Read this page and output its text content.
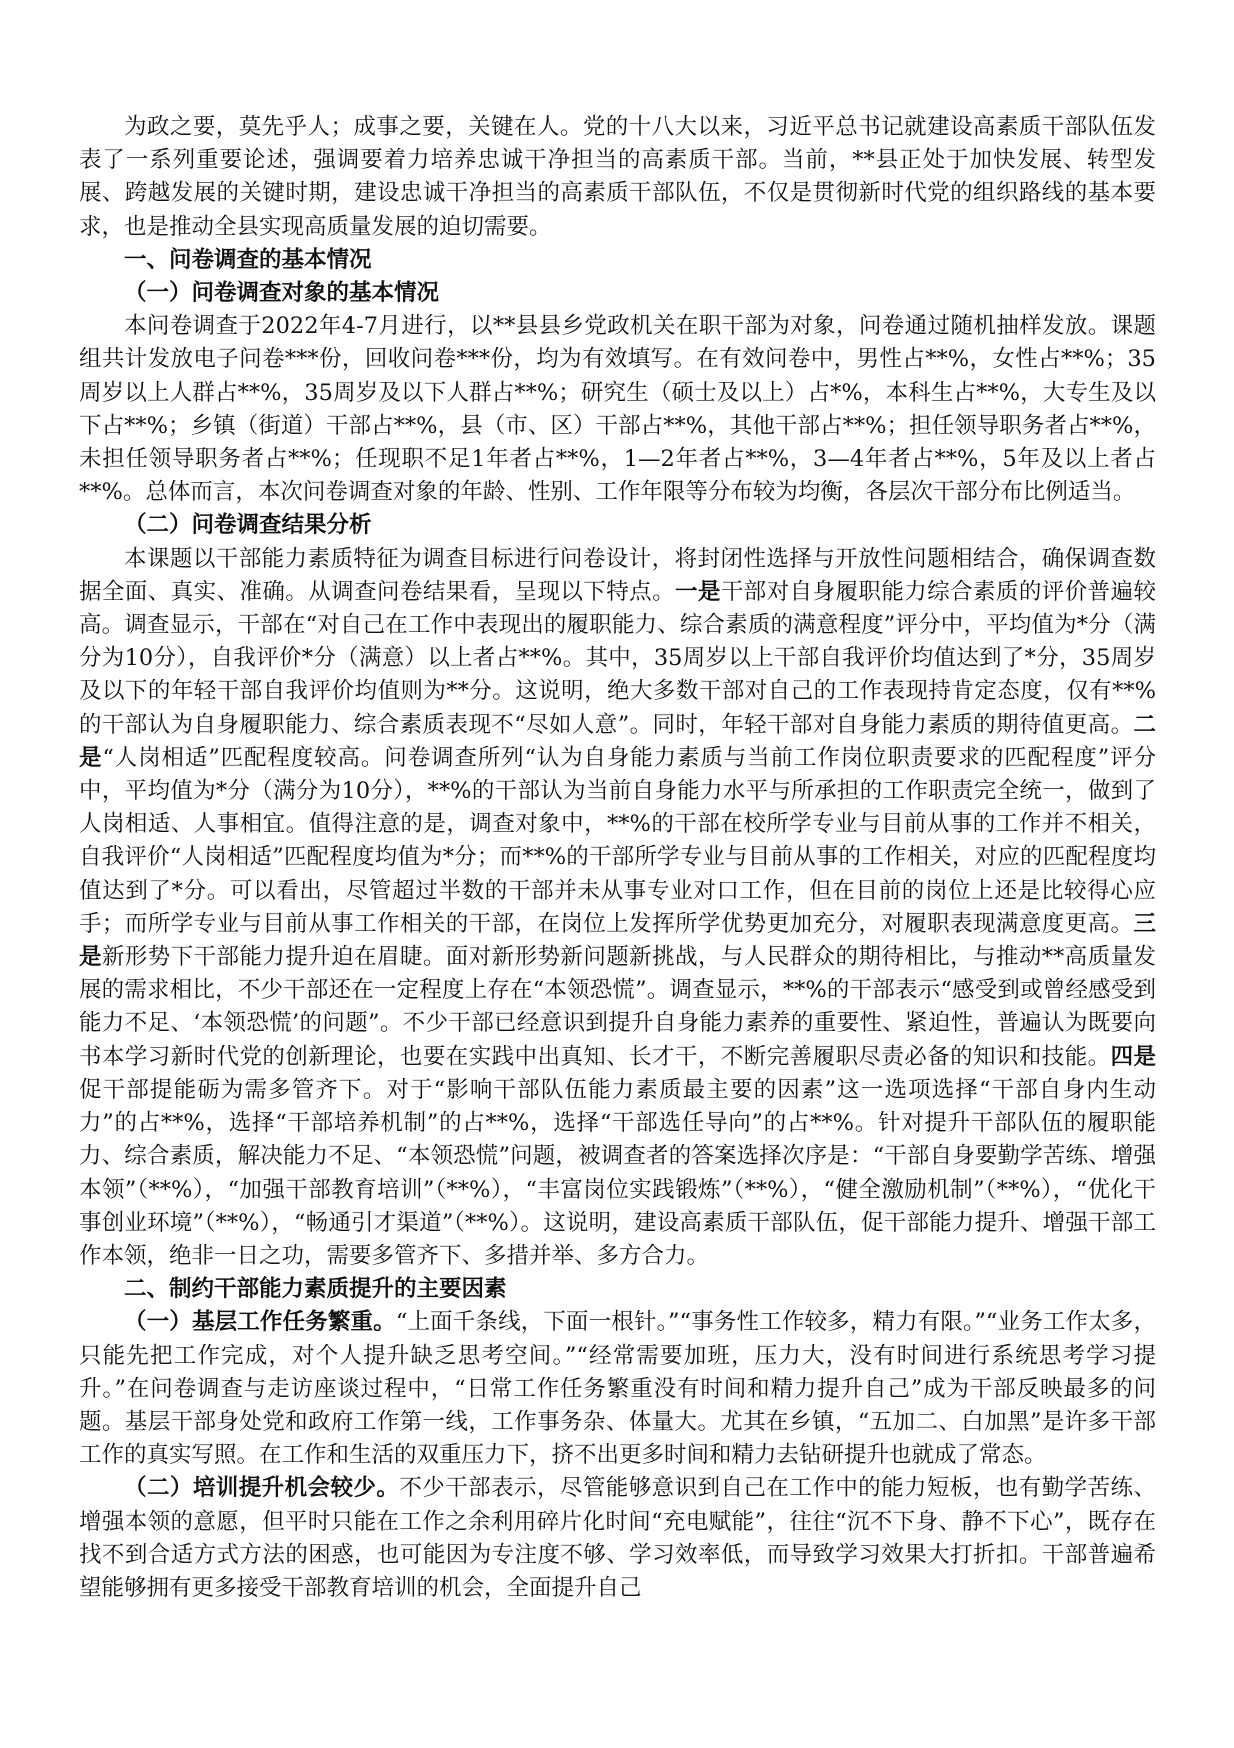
为政之要，莫先乎人；成事之要，关键在人。党的十八大以来，习近平总书记就建设高素质干部队伍发表了一系列重要论述，强调要着力培养忠诚干净担当的高素质干部。当前，**县正处于加快发展、转型发展、跨越发展的关键时期，建设忠诚干净担当的高素质干部队伍，不仅是贯彻新时代党的组织路线的基本要求，也是推动全县实现高质量发展的迫切需要。

一、问卷调查的基本情况

（一）问卷调查对象的基本情况

本问卷调查于2022年4-7月进行，以**县县乡党政机关在职干部为对象，问卷通过随机抽样发放。课题组共计发放电子问卷***份，回收问卷***份，均为有效填写。在有效问卷中，男性占**%，女性占**%；35周岁以上人群占**%，35周岁及以下人群占**%；研究生（硕士及以上）占*%，本科生占**%，大专生及以下占**%；乡镇（街道）干部占**%，县（市、区）干部占**%，其他干部占**%；担任领导职务者占**%，未担任领导职务者占**%；任现职不足1年者占**%，1—2年者占**%，3—4年者占**%，5年及以上者占**%。总体而言，本次问卷调查对象的年龄、性别、工作年限等分布较为均衡，各层次干部分布比例适当。

（二）问卷调查结果分析

本课题以干部能力素质特征为调查目标进行问卷设计，将封闭性选择与开放性问题相结合，确保调查数据全面、真实、准确。从调查问卷结果看，呈现以下特点。一是干部对自身履职能力综合素质的评价普遍较高。调查显示，干部在“对自己在工作中表现出的履职能力、综合素质的满意程度”评分中，平均值为*分（满分为10分），自我评价*分（满意）以上者占**%。其中，35周岁以上干部自我评价均值达到了*分，35周岁及以下的年轻干部自我评价均值则为**分。这说明，绝大多数干部对自己的工作表现持肯定态度，仅有**%的干部认为自身履职能力、综合素质表现不“尽如人意”。同时，年轻干部对自身能力素质的期待值更高。二是“人岗相适”匹配程度较高。问卷调查所列“认为自身能力素质与当前工作岗位职责要求的匹配程度”评分中，平均值为*分（满分为10分），**%的干部认为当前自身能力水平与所承担的工作职责完全统一，做到了人岗相适、人事相宜。值得注意的是，调查对象中，**%的干部在校所学专业与目前从事的工作并不相关，自我评价“人岗相适”匹配程度均值为*分；而**%的干部所学专业与目前从事的工作相关，对应的匹配程度均值达到了*分。可以看出，尽管超过半数的干部并未从事专业对口工作，但在目前的岗位上还是比较得心应手；而所学专业与目前从事工作相关的干部，在岗位上发挥所学优势更加充分，对履职表现满意度更高。三是新形势下干部能力提升迫在眉睫。面对新形势新问题新挑战，与人民群众的期待相比，与推动**高质量发展的需求相比，不少干部还在一定程度上存在“本领恐慌”。调查显示，**%的干部表示“感受到或曾经感受到能力不足、‘本领恐慌’的问题”。不少干部已经意识到提升自身能力素养的重要性、紧迫性，普遍认为既要向书本学习新时代党的创新理论，也要在实践中出真知、长才干，不断完善履职尽责必备的知识和技能。四是促干部提能砺为需多管齐下。对于“影响干部队伍能力素质最主要的因素”这一选项选择“干部自身内生动力”的占**%，选择“干部培养机制”的占**%，选择“干部选任导向”的占**%。针对提升干部队伍的履职能力、综合素质，解决能力不足、“本领恐慌”问题，被调查者的答案选择次序是：“干部自身要勤学苦练、增强本领”（**%），“加强干部教育培训”（**%），“丰富岗位实践锻炼”（**%），“健全激励机制”（**%），“优化干事创业环境”（**%），“畅通引才渠道”（**%）。这说明，建设高素质干部队伍，促干部能力提升、增强干部工作本领，绝非一日之功，需要多管齐下、多措并举、多方合力。

二、制约干部能力素质提升的主要因素

（一）基层工作任务繁重。“上面千条线，下面一根针。”“事务性工作较多，精力有限。”“业务工作太多，只能先把工作完成，对个人提升缺乏思考空间。”“经常需要加班，压力大，没有时间进行系统思考学习提升。”在问卷调查与走访座谈过程中，“日常工作任务繁重没有时间和精力提升自己”成为干部反映最多的问题。基层干部身处党和政府工作第一线，工作事务杂、体量大。尤其在乡镇，“五加二、白加黑”是许多干部工作的真实写照。在工作和生活的双重压力下，挤不出更多时间和精力去钻研提升也就成了常态。

（二）培训提升机会较少。不少干部表示，尽管能够意识到自己在工作中的能力短板，也有勤学苦练、增强本领的意愿，但平时只能在工作之余利用碎片化时间“充电赋能”，往往“沉不下身、静不下心”，既存在找不到合适方式方法的困惑，也可能因为专注度不够、学习效率低，而导致学习效果大打折扣。干部普遍希望能够拥有更多接受干部教育培训的机会，全面提升自己
